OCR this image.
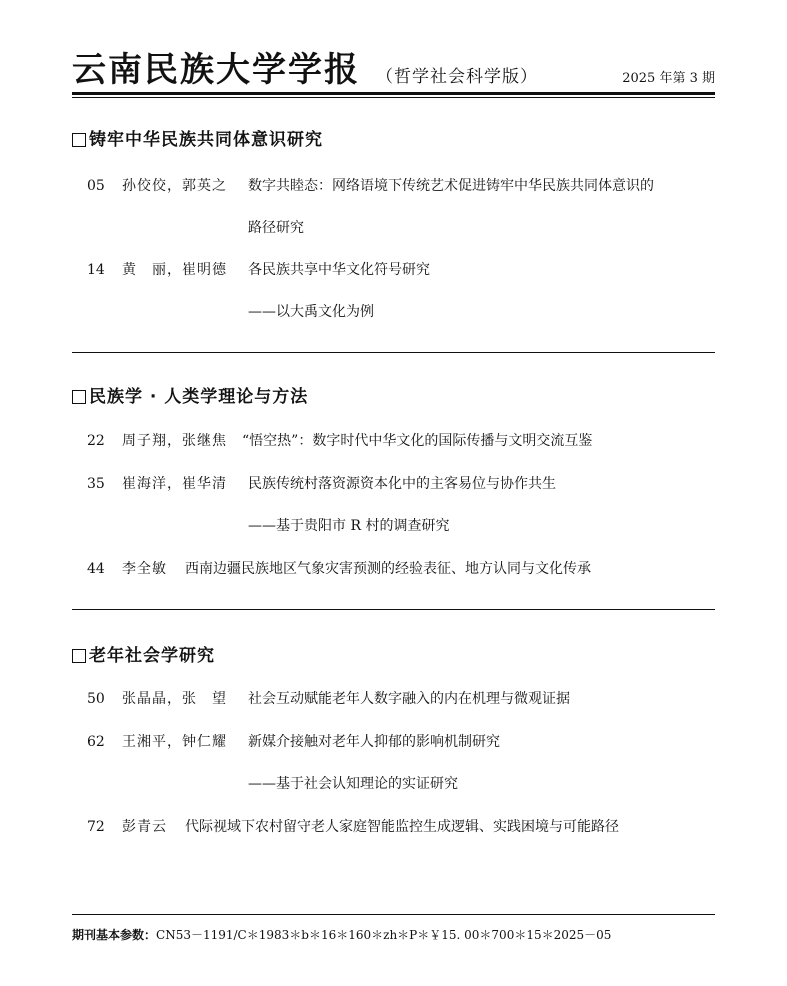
云南民族大学学报 （哲学社会科学版）	2025 年第 3 期
铸牢中华民族共同体意识研究
05 孙佼佼，郭英之 数字共睦态：网络语境下传统艺术促进铸牢中华民族共同体意识的
路径研究
14 黄　丽，崔明德 各民族共享中华文化符号研究
——以大禹文化为例
民族学 · 人类学理论与方法
22 周子翔，张继焦 “悟空热”：数字时代中华文化的国际传播与文明交流互鉴
35 崔海洋，崔华清 民族传统村落资源资本化中的主客易位与协作共生
——基于贵阳市 R 村的调查研究
44 李全敏 西南边疆民族地区气象灾害预测的经验表征、地方认同与文化传承
老年社会学研究
50 张晶晶，张　望 社会互动赋能老年人数字融入的内在机理与微观证据
62 王湘平，钟仁耀 新媒介接触对老年人抑郁的影响机制研究
——基于社会认知理论的实证研究
72 彭青云 代际视域下农村留守老人家庭智能监控生成逻辑、实践困境与可能路径
期刊基本参数：CN53－1191/C＊1983＊b＊16＊160＊zh＊P＊￥15. 00＊700＊15＊2025－05
